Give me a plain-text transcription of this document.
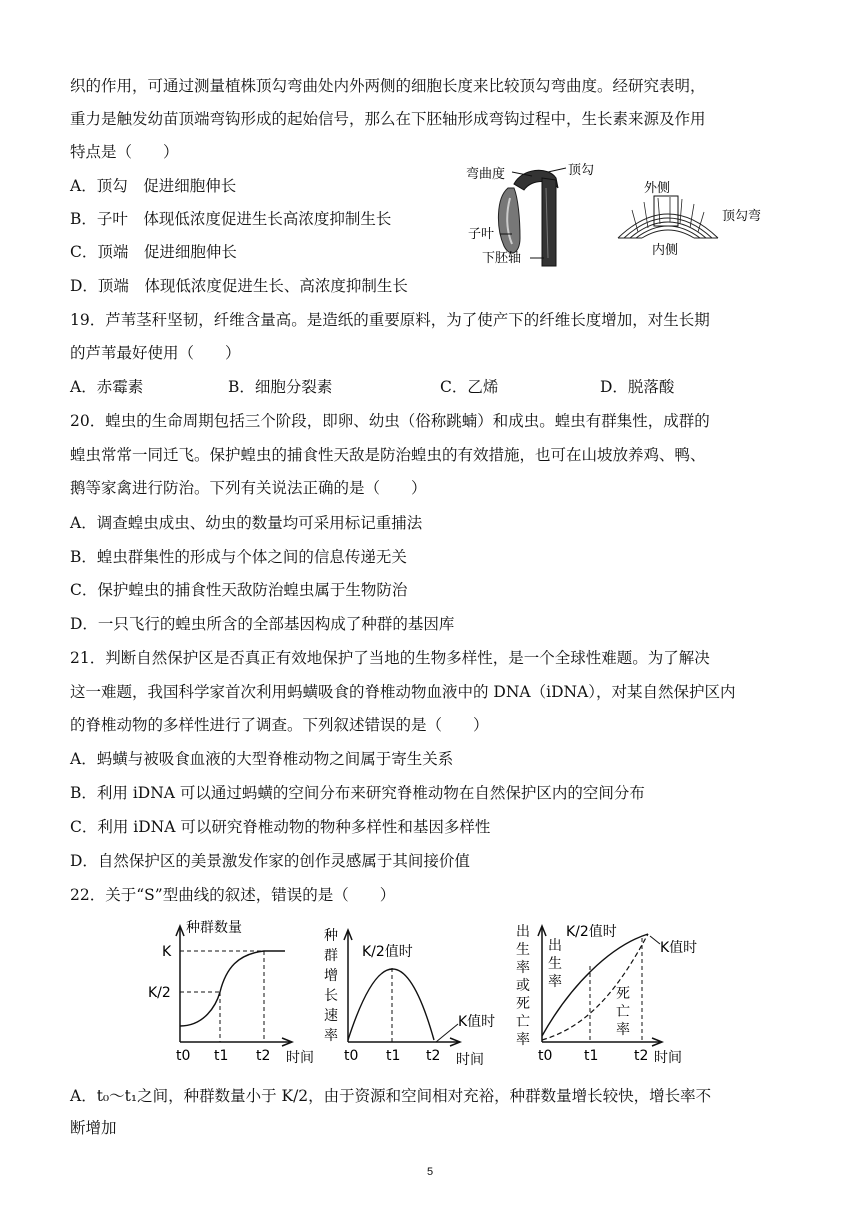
织的作用，可通过测量植株顶勾弯曲处内外两侧的细胞长度来比较顶勾弯曲度。经研究表明，
重力是触发幼苗顶端弯钩形成的起始信号，那么在下胚轴形成弯钩过程中，生长素来源及作用
特点是（　　）
A．顶勾　促进细胞伸长
B．子叶　体现低浓度促进生长高浓度抑制生长
C．顶端　促进细胞伸长
D．顶端　体现低浓度促进生长、高浓度抑制生长
弯曲度	顶勾
子叶
下胚轴
外侧
内侧
顶勾弯
19．芦苇茎秆坚韧，纤维含量高。是造纸的重要原料，为了使产下的纤维长度增加，对生长期
的芦苇最好使用（　　）
A．赤霉素	B．细胞分裂素	C．乙烯	D．脱落酸
20．蝗虫的生命周期包括三个阶段，即卵、幼虫（俗称跳蝻）和成虫。蝗虫有群集性，成群的
蝗虫常常一同迁飞。保护蝗虫的捕食性天敌是防治蝗虫的有效措施，也可在山坡放养鸡、鸭、
鹅等家禽进行防治。下列有关说法正确的是（　　）
A．调查蝗虫成虫、幼虫的数量均可采用标记重捕法
B．蝗虫群集性的形成与个体之间的信息传递无关
C．保护蝗虫的捕食性天敌防治蝗虫属于生物防治
D．一只飞行的蝗虫所含的全部基因构成了种群的基因库
21．判断自然保护区是否真正有效地保护了当地的生物多样性，是一个全球性难题。为了解决
这一难题，我国科学家首次利用蚂蟥吸食的脊椎动物血液中的 DNA（iDNA），对某自然保护区内
的脊椎动物的多样性进行了调查。下列叙述错误的是（　　）
A．蚂蟥与被吸食血液的大型脊椎动物之间属于寄生关系
B．利用 iDNA 可以通过蚂蟥的空间分布来研究脊椎动物在自然保护区内的空间分布
C．利用 iDNA 可以研究脊椎动物的物种多样性和基因多样性
D．自然保护区的美景激发作家的创作灵感属于其间接价值
22．关于“S”型曲线的叙述，错误的是（　　）
种群数量
K
K/2
t0 t1 t2 时间
种
群
增
长
速
率
K/2值时
K值时
t0 t1 t2 时间
出
生
率
或
死
亡
率
K/2值时
出
生
率
死
亡
率
K值时
t0 t1	t2 时间
A．t₀～t₁之间，种群数量小于 K/2，由于资源和空间相对充裕，种群数量增长较快，增长率不
断增加
5
